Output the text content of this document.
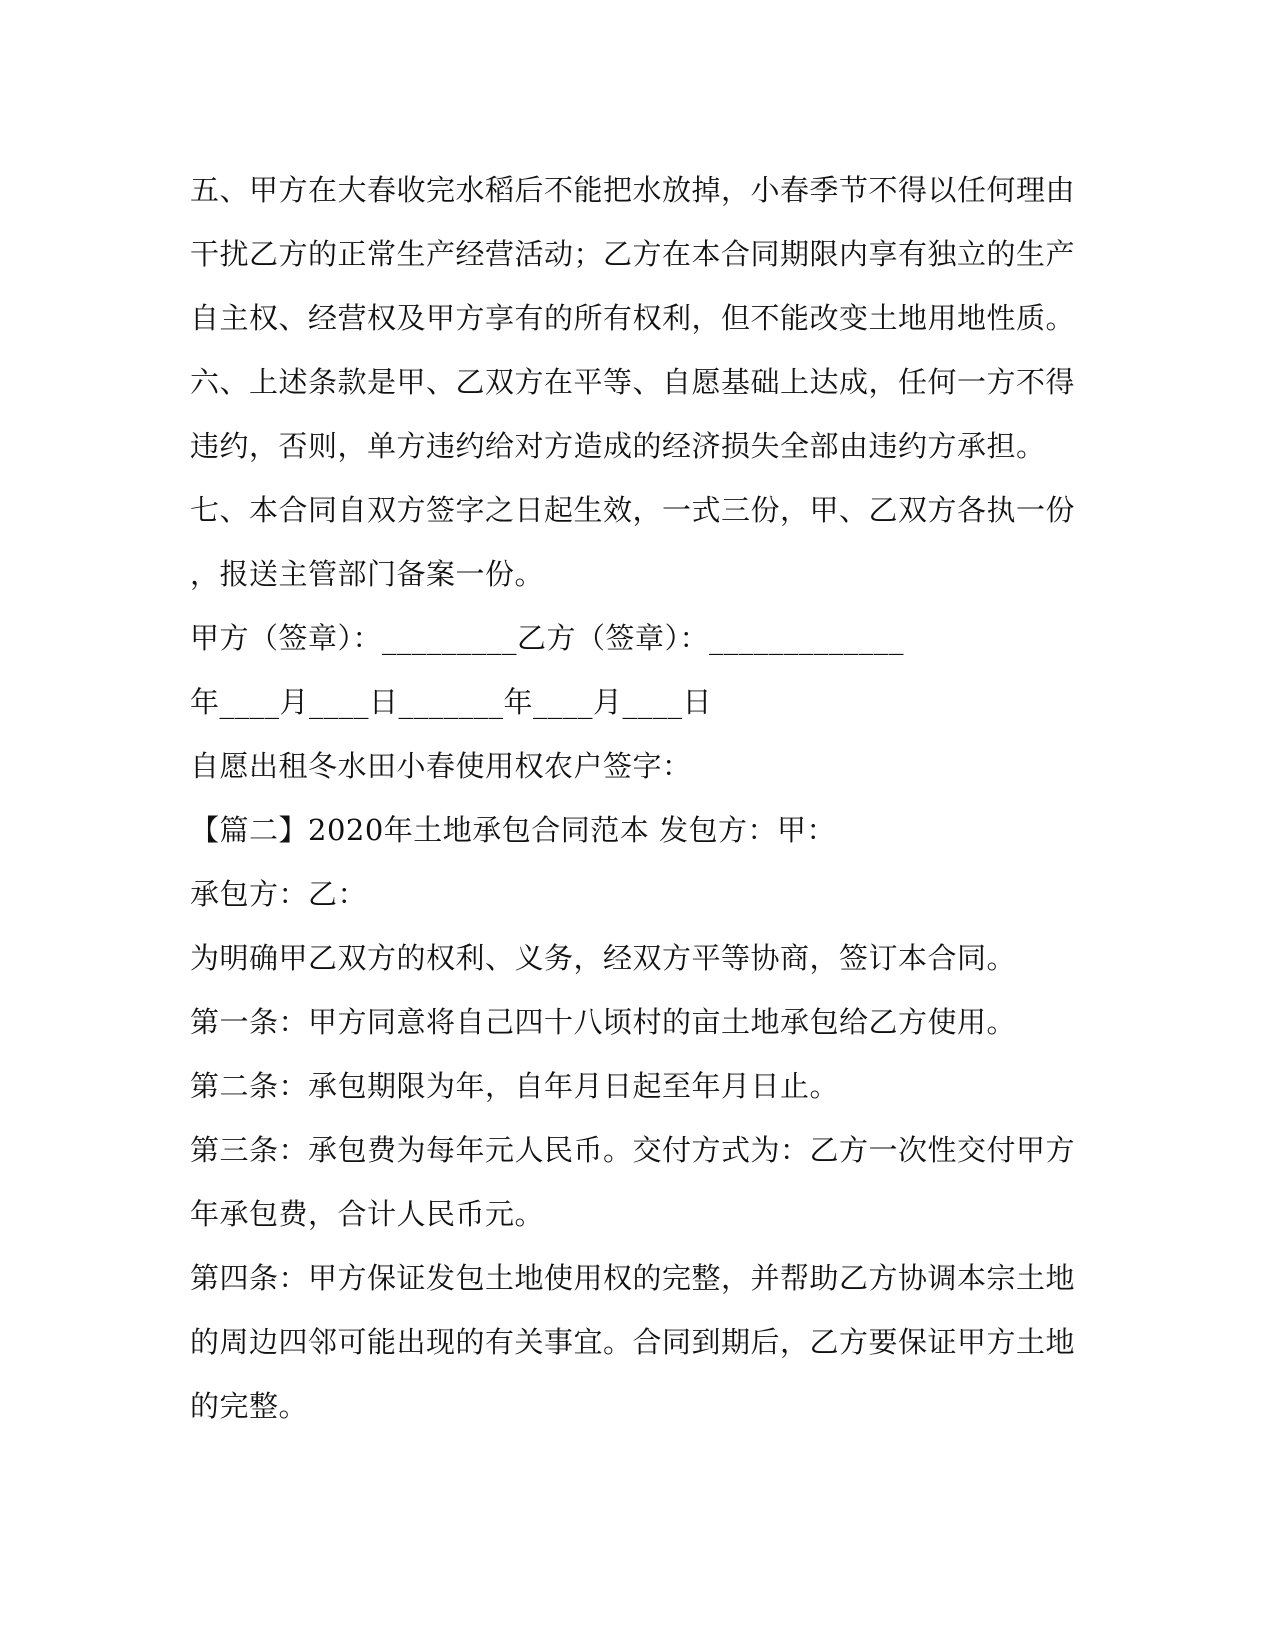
五、甲方在大春收完水稻后不能把水放掉，小春季节不得以任何理由
干扰乙方的正常生产经营活动；乙方在本合同期限内享有独立的生产
自主权、经营权及甲方享有的所有权利，但不能改变土地用地性质。
六、上述条款是甲、乙双方在平等、自愿基础上达成，任何一方不得
违约，否则，单方违约给对方造成的经济损失全部由违约方承担。
七、本合同自双方签字之日起生效，一式三份，甲、乙双方各执一份
，报送主管部门备案一份。
甲方（签章）：_________乙方（签章）：_____________
年____月____日_______年____月____日
自愿出租冬水田小春使用权农户签字：
【篇二】2020年土地承包合同范本 发包方：甲：
承包方：乙：
为明确甲乙双方的权利、义务，经双方平等协商，签订本合同。
第一条：甲方同意将自己四十八顷村的亩土地承包给乙方使用。
第二条：承包期限为年，自年月日起至年月日止。
第三条：承包费为每年元人民币。交付方式为：乙方一次性交付甲方
年承包费，合计人民币元。
第四条：甲方保证发包土地使用权的完整，并帮助乙方协调本宗土地
的周边四邻可能出现的有关事宜。合同到期后，乙方要保证甲方土地
的完整。
